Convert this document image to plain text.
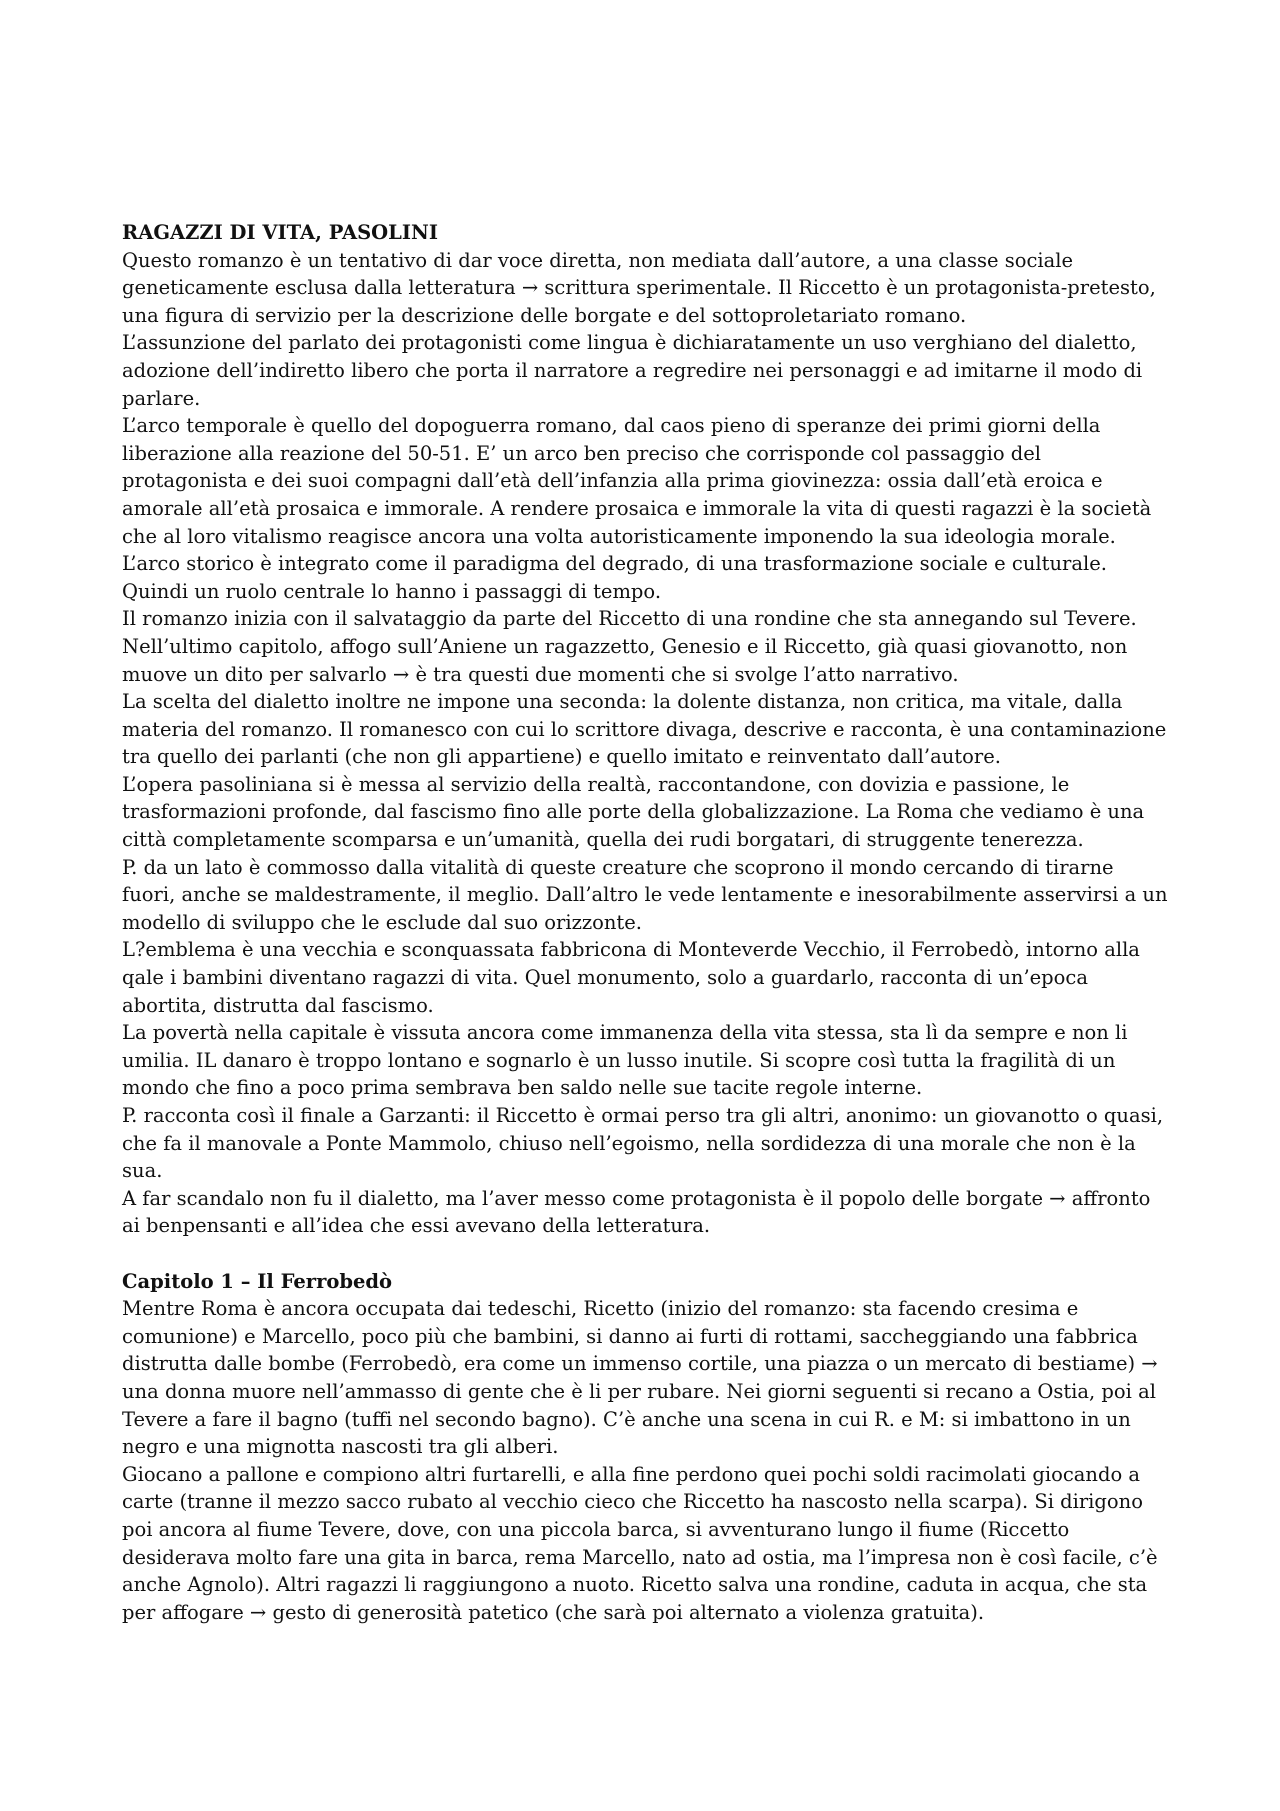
RAGAZZI DI VITA, PASOLINI

Questo romanzo è un tentativo di dar voce diretta, non mediata dall’autore, a una classe sociale geneticamente esclusa dalla letteratura → scrittura sperimentale. Il Riccetto è un protagonista-pretesto, una figura di servizio per la descrizione delle borgate e del sottoproletariato romano.

L’assunzione del parlato dei protagonisti come lingua è dichiaratamente un uso verghiano del dialetto, adozione dell’indiretto libero che porta il narratore a regredire nei personaggi e ad imitarne il modo di parlare.

L’arco temporale è quello del dopoguerra romano, dal caos pieno di speranze dei primi giorni della liberazione alla reazione del 50-51. E’ un arco ben preciso che corrisponde col passaggio del protagonista e dei suoi compagni dall’età dell’infanzia alla prima giovinezza: ossia dall’età eroica e amorale all’età prosaica e immorale. A rendere prosaica e immorale la vita di questi ragazzi è la società che al loro vitalismo reagisce ancora una volta autoristicamente imponendo la sua ideologia morale.

L’arco storico è integrato come il paradigma del degrado, di una trasformazione sociale e culturale. Quindi un ruolo centrale lo hanno i passaggi di tempo.

Il romanzo inizia con il salvataggio da parte del Riccetto di una rondine che sta annegando sul Tevere. Nell’ultimo capitolo, affogo sull’Aniene un ragazzetto, Genesio e il Riccetto, già quasi giovanotto, non muove un dito per salvarlo → è tra questi due momenti che si svolge l’atto narrativo.

La scelta del dialetto inoltre ne impone una seconda: la dolente distanza, non critica, ma vitale, dalla materia del romanzo. Il romanesco con cui lo scrittore divaga, descrive e racconta, è una contaminazione tra quello dei parlanti (che non gli appartiene) e quello imitato e reinventato dall’autore.

L’opera pasoliniana si è messa al servizio della realtà, raccontandone, con dovizia e passione, le trasformazioni profonde, dal fascismo fino alle porte della globalizzazione. La Roma che vediamo è una città completamente scomparsa e un’umanità, quella dei rudi borgatari, di struggente tenerezza.

P. da un lato è commosso dalla vitalità di queste creature che scoprono il mondo cercando di tirarne fuori, anche se maldestramente, il meglio. Dall’altro le vede lentamente e inesorabilmente asservirsi a un modello di sviluppo che le esclude dal suo orizzonte.

L?emblema è una vecchia e sconquassata fabbricona di Monteverde Vecchio, il Ferrobedò, intorno alla qale i bambini diventano ragazzi di vita. Quel monumento, solo a guardarlo, racconta di un’epoca abortita, distrutta dal fascismo.

La povertà nella capitale è vissuta ancora come immanenza della vita stessa, sta lì da sempre e non li umilia. IL danaro è troppo lontano e sognarlo è un lusso inutile. Si scopre così tutta la fragilità di un mondo che fino a poco prima sembrava ben saldo nelle sue tacite regole interne.

P. racconta così il finale a Garzanti: il Riccetto è ormai perso tra gli altri, anonimo: un giovanotto o quasi, che fa il manovale a Ponte Mammolo, chiuso nell’egoismo, nella sordidezza di una morale che non è la sua.

A far scandalo non fu il dialetto, ma l’aver messo come protagonista è il popolo delle borgate → affronto ai benpensanti e all’idea che essi avevano della letteratura.

Capitolo 1 – Il Ferrobedò

Mentre Roma è ancora occupata dai tedeschi, Ricetto (inizio del romanzo: sta facendo cresima e comunione) e Marcello, poco più che bambini, si danno ai furti di rottami, saccheggiando una fabbrica distrutta dalle bombe (Ferrobedò, era come un immenso cortile, una piazza o un mercato di bestiame) → una donna muore nell’ammasso di gente che è li per rubare. Nei giorni seguenti si recano a Ostia, poi al Tevere a fare il bagno (tuffi nel secondo bagno). C’è anche una scena in cui R. e M: si imbattono in un negro e una mignotta nascosti tra gli alberi.

Giocano a pallone e compiono altri furtarelli, e alla fine perdono quei pochi soldi racimolati giocando a carte (tranne il mezzo sacco rubato al vecchio cieco che Riccetto ha nascosto nella scarpa). Si dirigono poi ancora al fiume Tevere, dove, con una piccola barca, si avventurano lungo il fiume (Riccetto desiderava molto fare una gita in barca, rema Marcello, nato ad ostia, ma l’impresa non è così facile, c’è anche Agnolo). Altri ragazzi li raggiungono a nuoto. Ricetto salva una rondine, caduta in acqua, che sta per affogare → gesto di generosità patetico (che sarà poi alternato a violenza gratuita).
